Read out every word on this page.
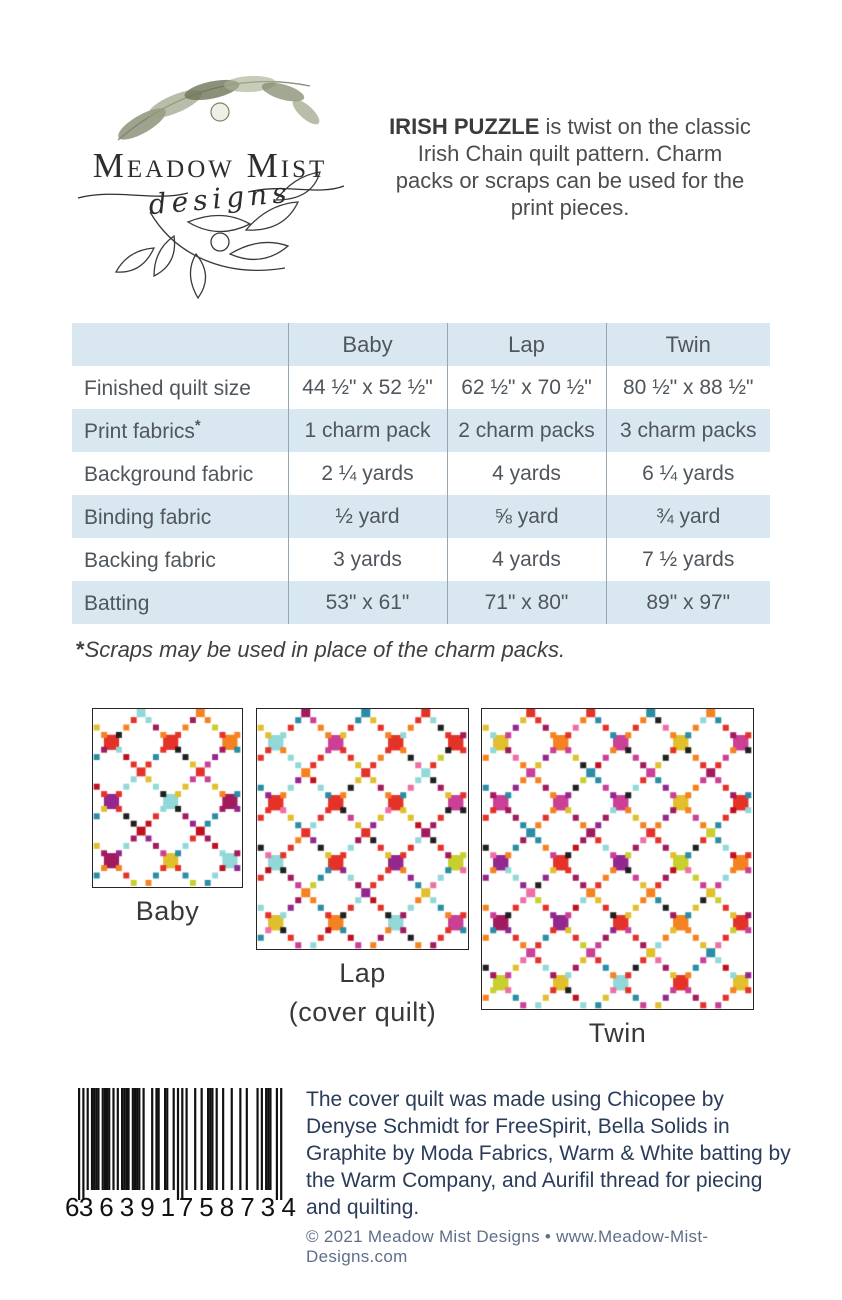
Meadow Mist
designs
IRISH PUZZLE is twist on the classic
Irish Chain quilt pattern. Charm
packs or scraps can be used for the
print pieces.
	Baby	Lap	Twin
Finished quilt size	44 ½" x 52 ½"	62 ½" x 70 ½"	80 ½" x 88 ½"
Print fabrics*	1 charm pack	2 charm packs	3 charm packs
Background fabric	2 ¼ yards	4 yards	6 ¼ yards
Binding fabric	½ yard	⅝ yard	¾ yard
Backing fabric	3 yards	4 yards	7 ½ yards
Batting	53" x 61"	71" x 80"	89" x 97"
*Scraps may be used in place of the charm packs.
Baby
Lap
(cover quilt)
Twin
6 36391
75873 4
The cover quilt was made using Chicopee by
Denyse Schmidt for FreeSpirit, Bella Solids in
Graphite by Moda Fabrics, Warm & White batting by
the Warm Company, and Aurifil thread for piecing
and quilting.
© 2021 Meadow Mist Designs • www.Meadow-Mist-Designs.com
